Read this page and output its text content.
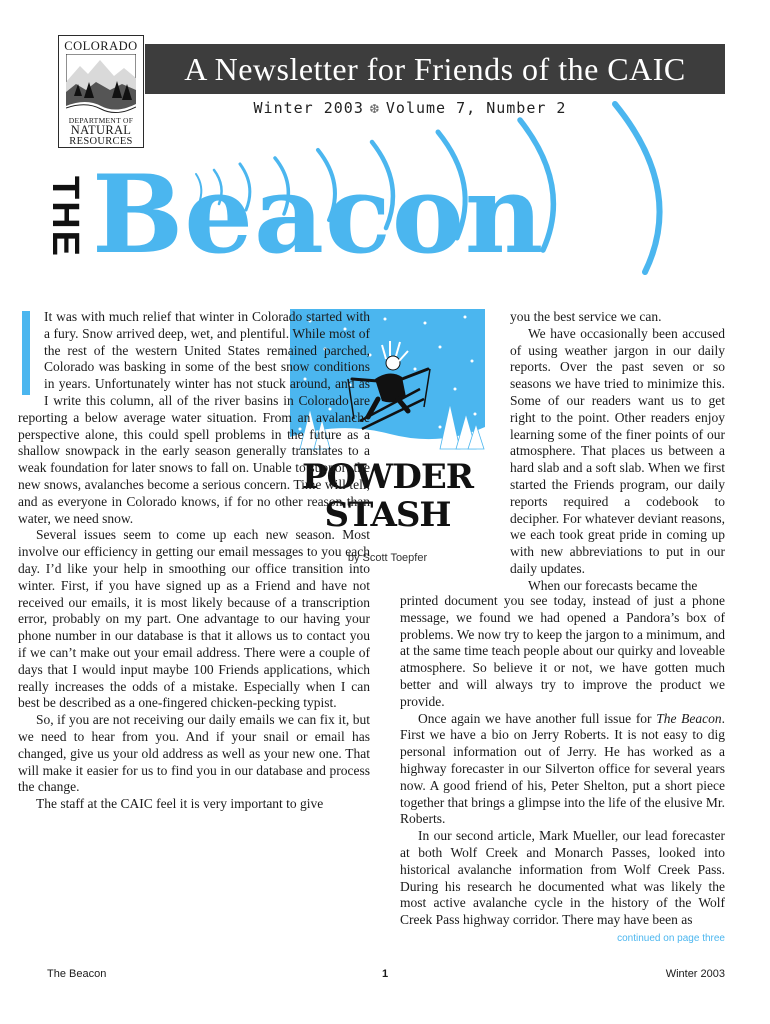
COLORADO
DEPARTMENT OF
NATURAL
RESOURCES
A Newsletter for Friends of the CAIC
Winter 2003 ❆ Volume 7, Number 2
THE Beacon
POWDER
STASH
by Scott Toepfer

It was with much relief that winter in Colorado started with a fury. Snow arrived deep, wet, and plentiful. While most of the rest of the western United States remained parched, Colorado was basking in some of the best snow conditions in years. Unfortunately winter has not stuck around, and as I write this column, all of the river basins in Colorado are reporting a below average water situation. From an avalanche perspective alone, this could spell problems in the future as a shallow snowpack in the early season generally translates to a weak foundation for later snows to fall on. Unable to support the new snows, avalanches become a serious concern. Time will tell, and as everyone in Colorado knows, if for no other reason than water, we need snow.

Several issues seem to come up each new season. Most involve our efficiency in getting our email messages to you each day. I’d like your help in smoothing our office transition into winter. First, if you have signed up as a Friend and have not received our emails, it is most likely because of a transcription error, probably on my part. One advantage to our having your phone number in our database is that it allows us to contact you if we can’t make out your email address. There were a couple of days that I would input maybe 100 Friends applications, which really increases the odds of a mistake. Especially when I can best be described as a one-fingered chicken-pecking typist.

So, if you are not receiving our daily emails we can fix it, but we need to hear from you. And if your snail or email has changed, give us your old address as well as your new one. That will make it easier for us to find you in our database and process the change.

The staff at the CAIC feel it is very important to give

you the best service we can.

We have occasionally been accused of using weather jargon in our daily reports. Over the past seven or so seasons we have tried to minimize this. Some of our readers want us to get right to the point. Other readers enjoy learning some of the finer points of our atmosphere. That places us between a hard slab and a soft slab. When we first started the Friends program, our daily reports required a codebook to decipher. For whatever deviant reasons, we each took great pride in coming up with new abbreviations to put in our daily updates.

When our forecasts became the

printed document you see today, instead of just a phone message, we found we had opened a Pandora’s box of problems. We now try to keep the jargon to a minimum, and at the same time teach people about our quirky and loveable atmosphere. So believe it or not, we have gotten much better and will always try to improve the product we provide.

Once again we have another full issue for The Beacon. First we have a bio on Jerry Roberts. It is not easy to dig personal information out of Jerry. He has worked as a highway forecaster in our Silverton office for several years now. A good friend of his, Peter Shelton, put a short piece together that brings a glimpse into the life of the elusive Mr. Roberts.

In our second article, Mark Mueller, our lead forecaster at both Wolf Creek and Monarch Passes, looked into historical avalanche information from Wolf Creek Pass. During his research he documented what was likely the most active avalanche cycle in the history of the Wolf Creek Pass highway corridor. There may have been as

continued on page three
The Beacon	1	Winter 2003
